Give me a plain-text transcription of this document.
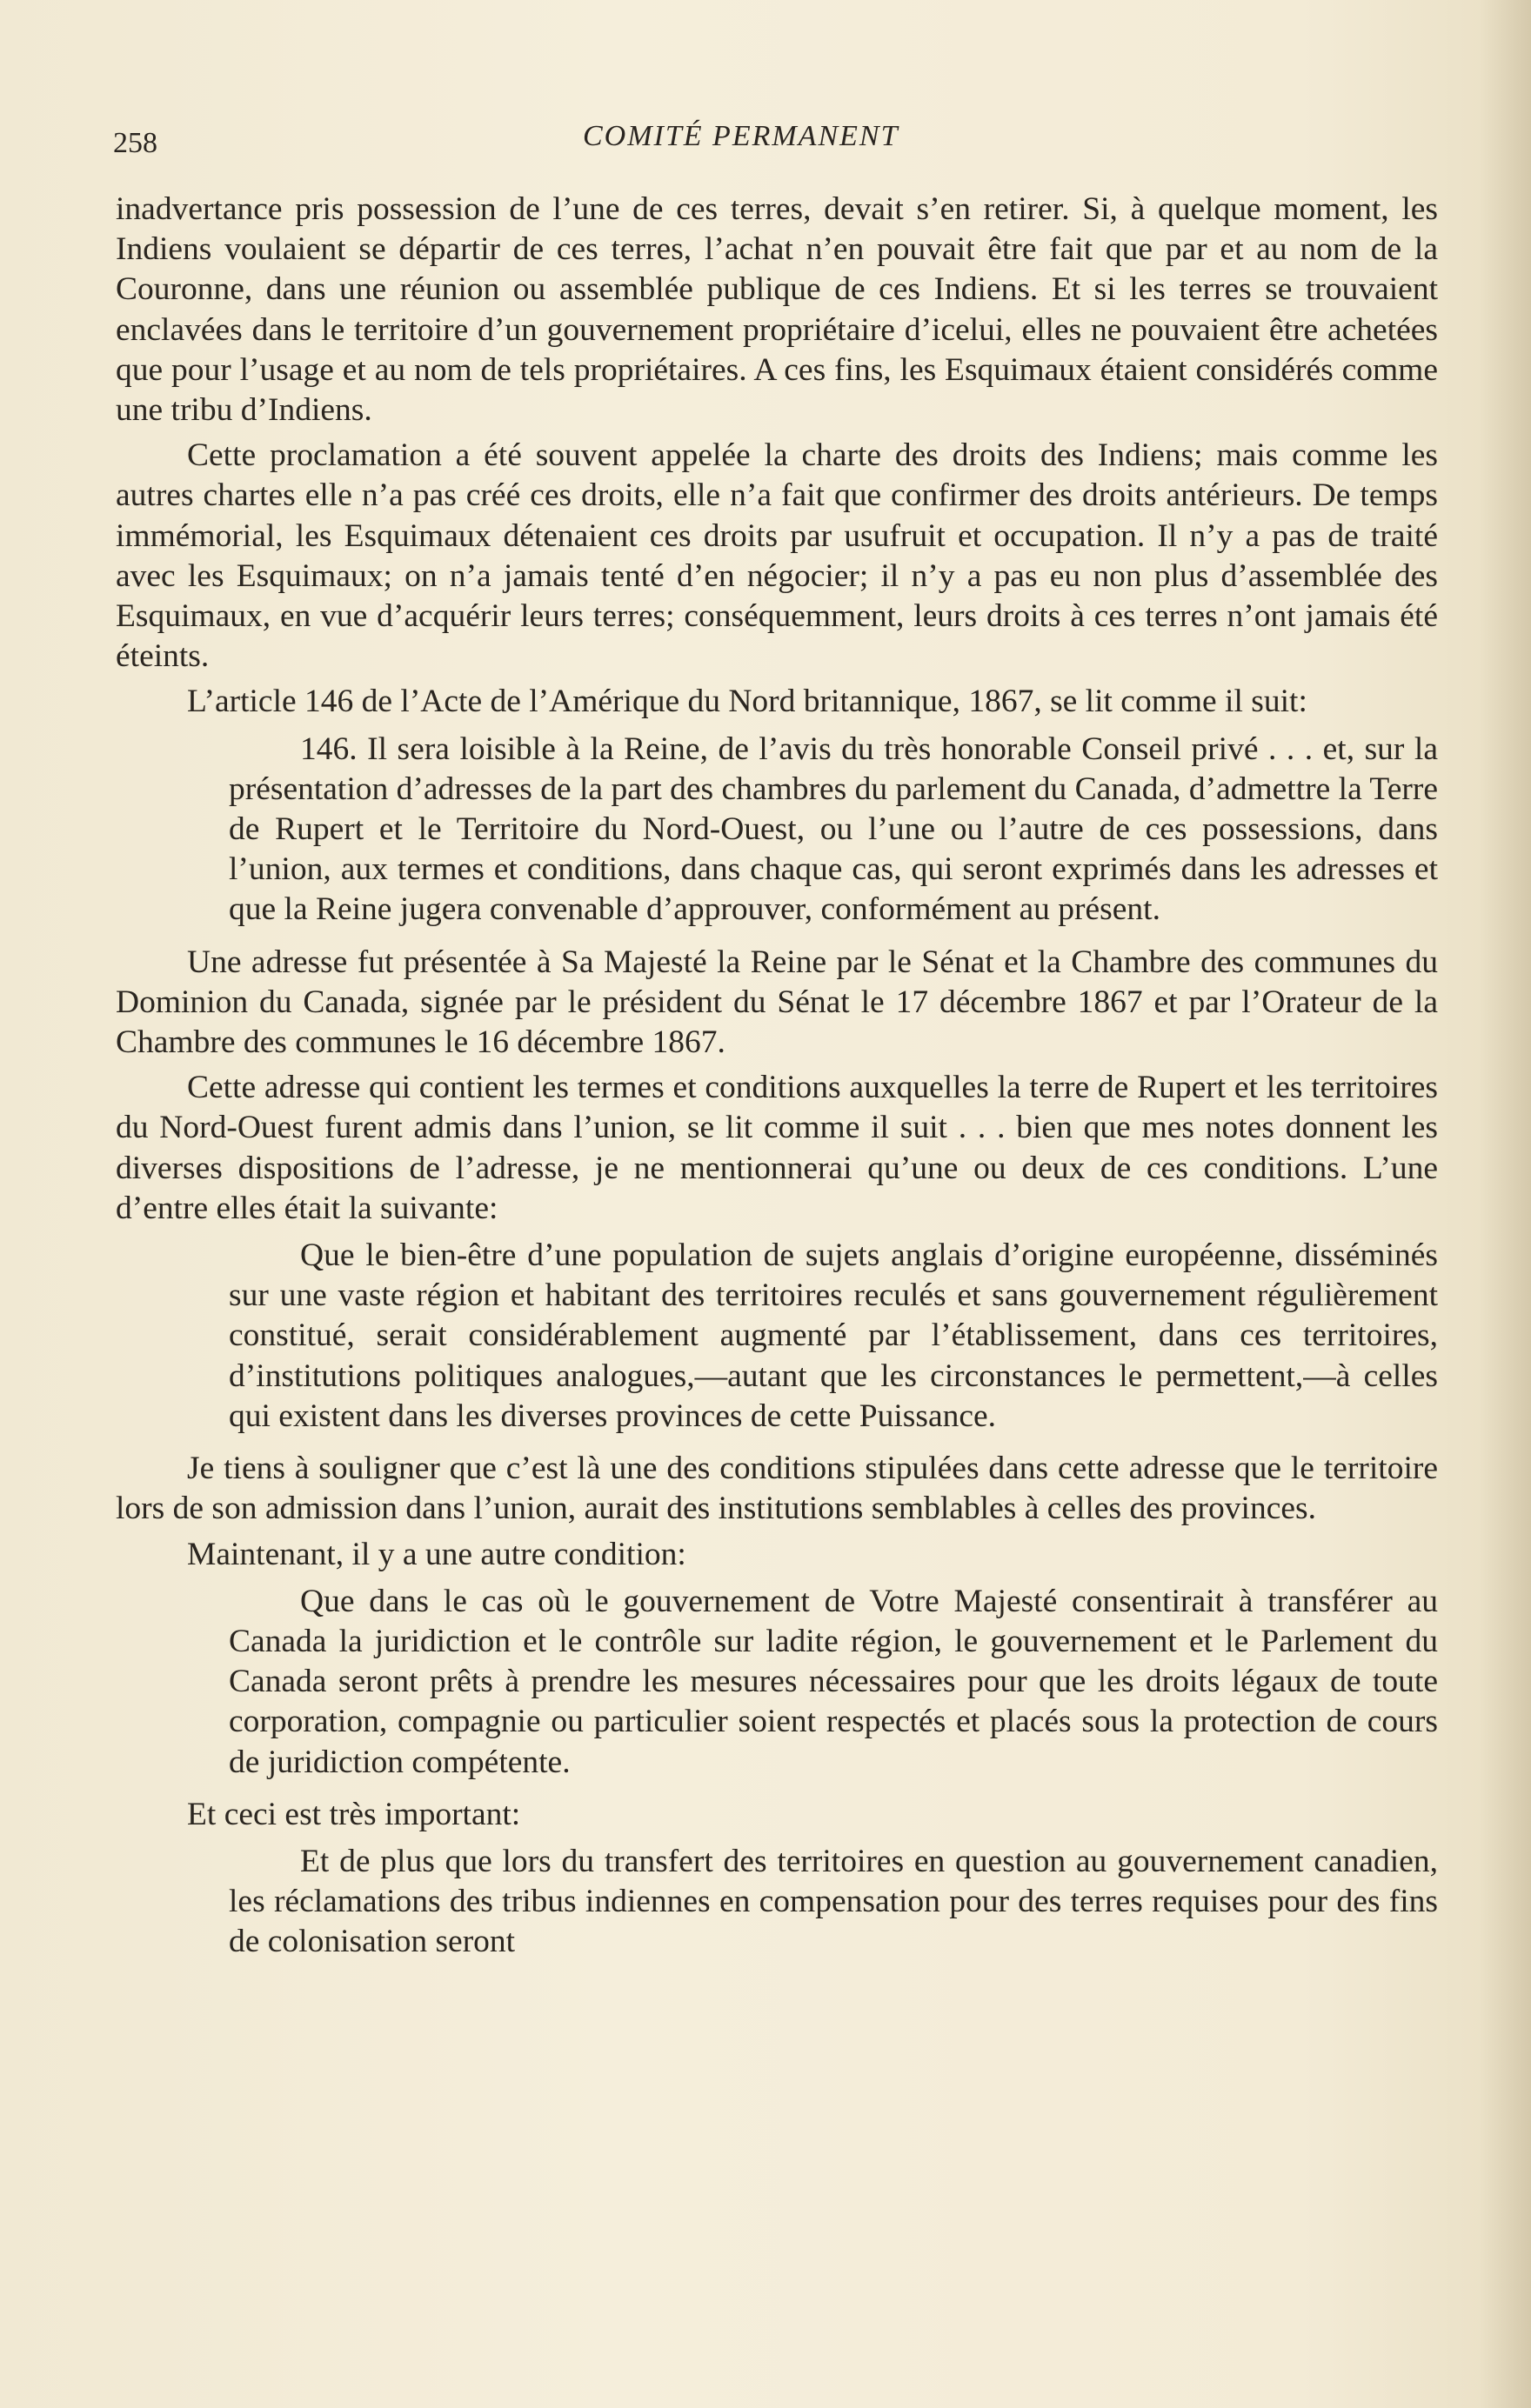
258	COMITÉ PERMANENT

inadvertance pris possession de l’une de ces terres, devait s’en retirer. Si, à quelque moment, les Indiens voulaient se départir de ces terres, l’achat n’en pouvait être fait que par et au nom de la Couronne, dans une réunion ou assemblée publique de ces Indiens. Et si les terres se trouvaient enclavées dans le territoire d’un gouvernement propriétaire d’icelui, elles ne pouvaient être achetées que pour l’usage et au nom de tels propriétaires. A ces fins, les Esquimaux étaient considérés comme une tribu d’Indiens.

Cette proclamation a été souvent appelée la charte des droits des Indiens; mais comme les autres chartes elle n’a pas créé ces droits, elle n’a fait que confirmer des droits antérieurs. De temps immémorial, les Esquimaux détenaient ces droits par usufruit et occupation. Il n’y a pas de traité avec les Esquimaux; on n’a jamais tenté d’en négocier; il n’y a pas eu non plus d’assemblée des Esquimaux, en vue d’acquérir leurs terres; conséquemment, leurs droits à ces terres n’ont jamais été éteints.

L’article 146 de l’Acte de l’Amérique du Nord britannique, 1867, se lit comme il suit:

146. Il sera loisible à la Reine, de l’avis du très honorable Conseil privé . . . et, sur la présentation d’adresses de la part des chambres du parlement du Canada, d’admettre la Terre de Rupert et le Territoire du Nord-Ouest, ou l’une ou l’autre de ces possessions, dans l’union, aux termes et conditions, dans chaque cas, qui seront exprimés dans les adresses et que la Reine jugera convenable d’approuver, conformément au présent.

Une adresse fut présentée à Sa Majesté la Reine par le Sénat et la Chambre des communes du Dominion du Canada, signée par le président du Sénat le 17 décembre 1867 et par l’Orateur de la Chambre des communes le 16 décembre 1867.

Cette adresse qui contient les termes et conditions auxquelles la terre de Rupert et les territoires du Nord-Ouest furent admis dans l’union, se lit comme il suit . . . bien que mes notes donnent les diverses dispositions de l’adresse, je ne mentionnerai qu’une ou deux de ces conditions. L’une d’entre elles était la suivante:

Que le bien-être d’une population de sujets anglais d’origine européenne, disséminés sur une vaste région et habitant des territoires reculés et sans gouvernement régulièrement constitué, serait considérablement augmenté par l’établissement, dans ces territoires, d’institutions politiques analogues,—autant que les circonstances le permettent,—à celles qui existent dans les diverses provinces de cette Puissance.

Je tiens à souligner que c’est là une des conditions stipulées dans cette adresse que le territoire lors de son admission dans l’union, aurait des institutions semblables à celles des provinces.

Maintenant, il y a une autre condition:

Que dans le cas où le gouvernement de Votre Majesté consentirait à transférer au Canada la juridiction et le contrôle sur ladite région, le gouvernement et le Parlement du Canada seront prêts à prendre les mesures nécessaires pour que les droits légaux de toute corporation, compagnie ou particulier soient respectés et placés sous la protection de cours de juridiction compétente.

Et ceci est très important:

Et de plus que lors du transfert des territoires en question au gouvernement canadien, les réclamations des tribus indiennes en compensation pour des terres requises pour des fins de colonisation seront
